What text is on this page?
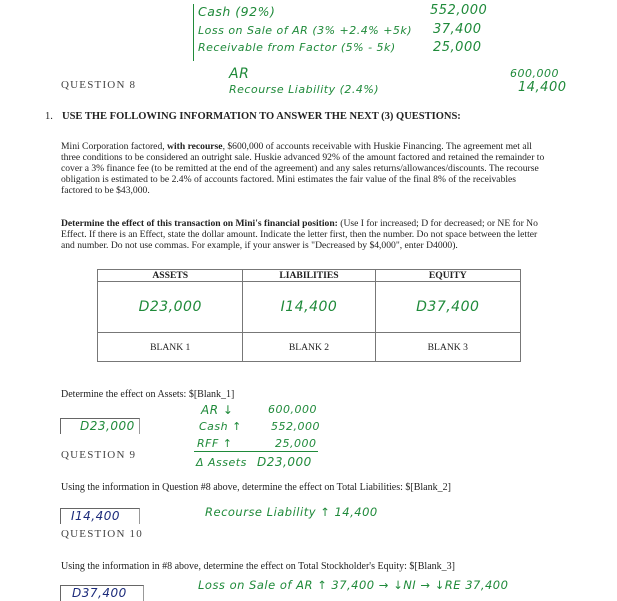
Cash (92%)	552,000
Loss on Sale of AR (3% +2.4% +5k) 37,400
Receivable from Factor (5% - 5k)	25,000
AR	600,000
Recourse Liability (2.4%)	14,400
QUESTION 8
1. USE THE FOLLOWING INFORMATION TO ANSWER THE NEXT (3) QUESTIONS:
Mini Corporation factored, with recourse, $600,000 of accounts receivable with Huskie Financing. The agreement met all three conditions to be considered an outright sale. Huskie advanced 92% of the amount factored and retained the remainder to cover a 3% finance fee (to be remitted at the end of the agreement) and any sales returns/allowances/discounts. The recourse obligation is estimated to be 2.4% of accounts factored. Mini estimates the fair value of the final 8% of the receivables factored to be $43,000.
Determine the effect of this transaction on Mini's financial position: (Use I for increased; D for decreased; or NE for No Effect. If there is an Effect, state the dollar amount. Indicate the letter first, then the number. Do not space between the letter and number. Do not use commas. For example, if your answer is "Decreased by $4,000", enter D4000).
ASSETS	LIABILITIES	EQUITY
D23,000	I14,400	D37,400
BLANK 1	BLANK 2	BLANK 3
Determine the effect on Assets: $[Blank_1]
D23,000
AR ↓	600,000
Cash ↑	552,000
RFF ↑	25,000
Δ Assets D23,000
QUESTION 9
Using the information in Question #8 above, determine the effect on Total Liabilities: $[Blank_2]
I14,400	Recourse Liability ↑ 14,400
QUESTION 10
Using the information in #8 above, determine the effect on Total Stockholder's Equity: $[Blank_3]
D37,400
Loss on Sale of AR ↑ 37,400 → ↓NI → ↓RE 37,400
